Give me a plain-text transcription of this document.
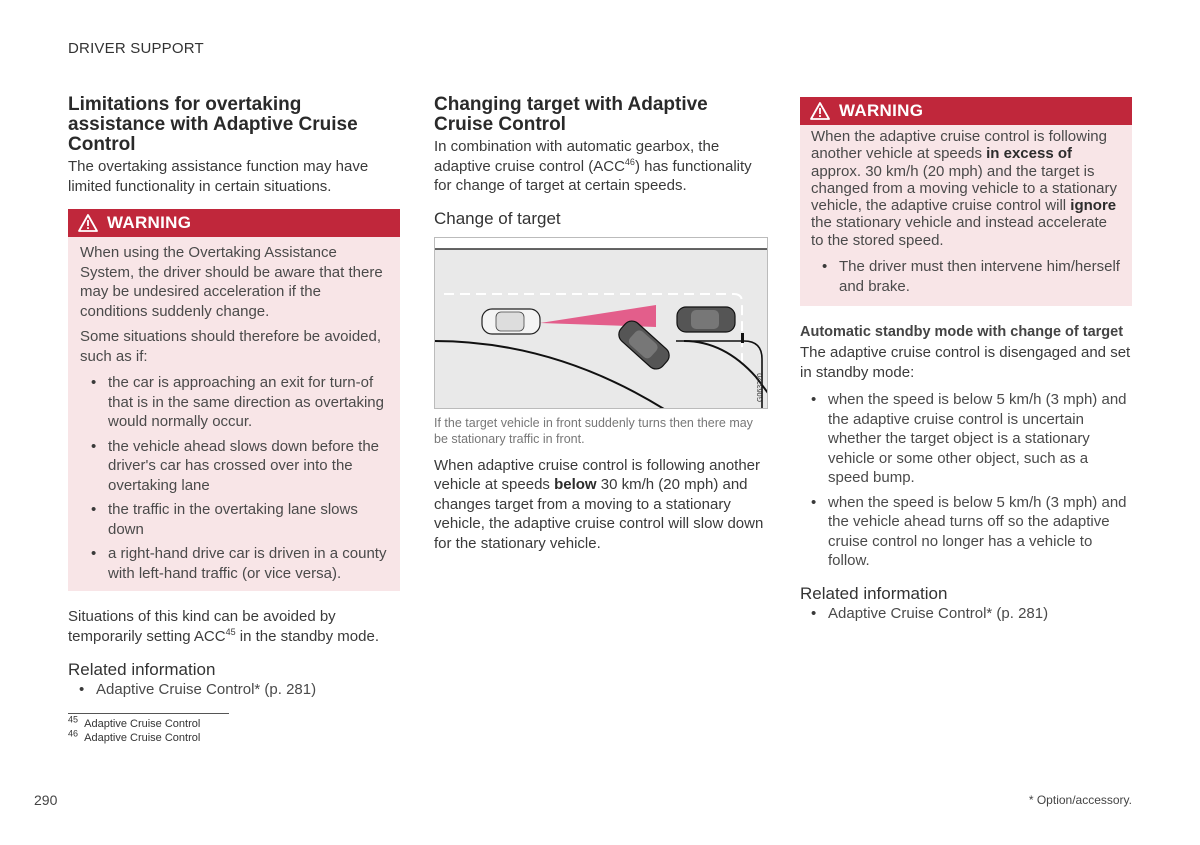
DRIVER SUPPORT
Limitations for overtaking assistance with Adaptive Cruise Control

The overtaking assistance function may have limited functionality in certain situations.

WARNING

When using the Overtaking Assistance System, the driver should be aware that there may be undesired acceleration if the conditions suddenly change.

Some situations should therefore be avoided, such as if:

• the car is approaching an exit for turn-of that is in the same direction as overtaking would normally occur.
• the vehicle ahead slows down before the driver's car has crossed over into the overtaking lane
• the traffic in the overtaking lane slows down
• a right-hand drive car is driven in a county with left-hand traffic (or vice versa).

Situations of this kind can be avoided by temporarily setting ACC$^{45}$ in the standby mode.

Related information
• Adaptive Cruise Control* (p. 281)
Changing target with Adaptive Cruise Control

In combination with automatic gearbox, the adaptive cruise control (ACC$^{46}$) has functionality for change of target at certain speeds.

Change of target
G063220
If the target vehicle in front suddenly turns then there may be stationary traffic in front.

When adaptive cruise control is following another vehicle at speeds below 30 km/h (20 mph) and changes target from a moving to a stationary vehicle, the adaptive cruise control will slow down for the stationary vehicle.

WARNING

When the adaptive cruise control is following another vehicle at speeds in excess of approx. 30 km/h (20 mph) and the target is changed from a moving vehicle to a stationary vehicle, the adaptive cruise control will ignore the stationary vehicle and instead accelerate to the stored speed.

• The driver must then intervene him/herself and brake.
Automatic standby mode with change of target

The adaptive cruise control is disengaged and set in standby mode:

• when the speed is below 5 km/h (3 mph) and the adaptive cruise control is uncertain whether the target object is a stationary vehicle or some other object, such as a speed bump.
• when the speed is below 5 km/h (3 mph) and the vehicle ahead turns off so the adaptive cruise control no longer has a vehicle to follow.
Related information
• Adaptive Cruise Control* (p. 281)
$^{45}$ Adaptive Cruise Control
$^{46}$ Adaptive Cruise Control
290	* Option/accessory.
